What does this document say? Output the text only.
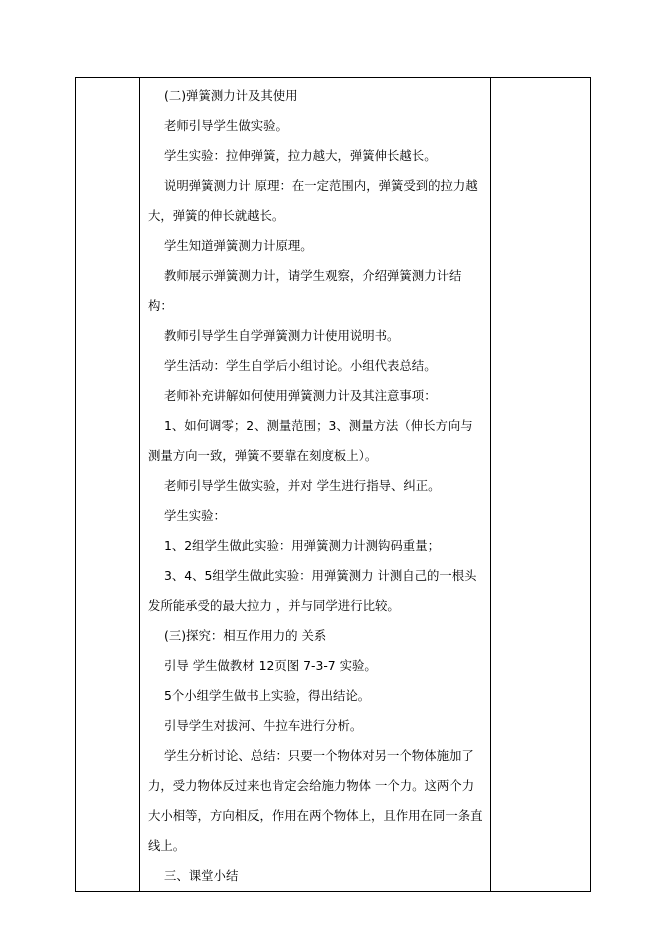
(二)弹簧测力计及其使用

老师引导学生做实验。

学生实验：拉伸弹簧，拉力越大，弹簧伸长越长。

说明弹簧测力计 原理：在一定范围内，弹簧受到的拉力越大，弹簧的伸长就越长。

学生知道弹簧测力计原理。

教师展示弹簧测力计，请学生观察，介绍弹簧测力计结构：

教师引导学生自学弹簧测力计使用说明书。

学生活动：学生自学后小组讨论。小组代表总结。

老师补充讲解如何使用弹簧测力计及其注意事项：

1、如何调零；2、测量范围；3、测量方法（伸长方向与测量方向一致，弹簧不要靠在刻度板上）。

老师引导学生做实验，并对 学生进行指导、纠正。

学生实验：

1、2组学生做此实验：用弹簧测力计测钩码重量；

3、4、5组学生做此实验：用弹簧测力 计测自己的一根头发所能承受的最大拉力 ，并与同学进行比较。

(三)探究：相互作用力的 关系

引导 学生做教材 12页图 7-3-7 实验。

5个小组学生做书上实验，得出结论。

引导学生对拔河、牛拉车进行分析。

学生分析讨论、总结：只要一个物体对另一个物体施加了力，受力物体反过来也肯定会给施力物体 一个力。这两个力大小相等，方向相反，作用在两个物体上，且作用在同一条直线上。

三、课堂小结
